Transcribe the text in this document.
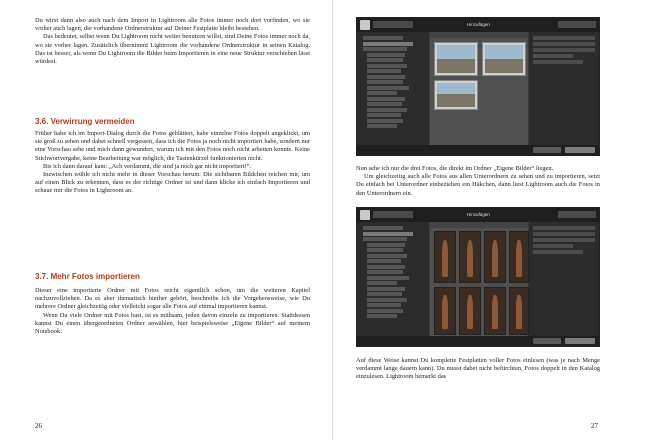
Du wirst dann also auch nach dem Import in Lightroom alle Fotos immer noch dort vorfinden, wo sie vorher auch lagen, die vorhandene Ordnerstruktur auf Deiner Festplatte bleibt bestehen.

Das bedeutet, selbst wenn Du Lightroom nicht weiter benutzen willst, sind Deine Fotos immer noch da, wo sie vorher lagen. Zusätzlich übernimmt Lightroom die vorhandene Ordnerstruktur in seinen Katalog. Das ist besser, als wenn Du Lightroom die Bilder beim Importieren in eine neue Struktur verschieben lässt würdest.

3.6. Verwirrung vermeiden

Früher habe ich im Import-Dialog durch die Fotos geblättert, habe einzelne Fotos doppelt angeklickt, um sie groß zu sehen und dabei schnell vergessen, dass ich die Fotos ja noch nicht importiert habe, sondern nur eine Vorschau sehe und mich dann gewundert, warum ich mit den Fotos noch nicht arbeiten konnte. Keine Stichwortvergabe, keine Bearbeitung war möglich, die Tastenkürzel funktionierten nicht.

Bis ich dann darauf kam: „Ach verdammt, die sind ja noch gar nicht importiert!“.

Inzwischen wühle ich nicht mehr in dieser Vorschau herum. Die sichtbaren Bildchen reichen mir, um auf einen Blick zu erkennen, dass es der richtige Ordner ist und dann klicke ich einfach Importieren und schaue mir die Fotos in Lightroom an.

3.7. Mehr Fotos importieren

Dieser eine importierte Ordner mit Fotos reicht eigentlich schon, um die weiteren Kapitel nachzuvollziehen. Da es aber thematisch hierher gehört, beschreibe ich die Vorgehensweise, wie Du mehrere Ordner gleichzeitig oder vielleicht sogar alle Fotos auf einmal importieren kannst.

Wenn Du viele Ordner mit Fotos hast, ist es mühsam, jeden davon einzeln zu importieren. Stattdessen kannst Du einen übergeordneten Ordner anwählen, hier beispielsweise „Eigene Bilder“ auf meinem Notebook:

26
Hinzufügen

Nun sehe ich nur die drei Fotos, die direkt im Ordner „Eigene Bilder“ liegen.

Um gleichzeitig auch alle Fotos aus allen Unterordnern zu sehen und zu importieren, setzt Du einfach bei Unterordner einbeziehen ein Häkchen, dann liest Lightroom auch die Fotos in den Unterordnern ein.

Hinzufügen

Auf diese Weise kannst Du komplette Festplatten voller Fotos einlesen (was je nach Menge verdammt lange dauern kann). Du musst dabei nicht befürchten, Fotos doppelt in den Katalog einzulesen. Lightroom bemerkt das

27
